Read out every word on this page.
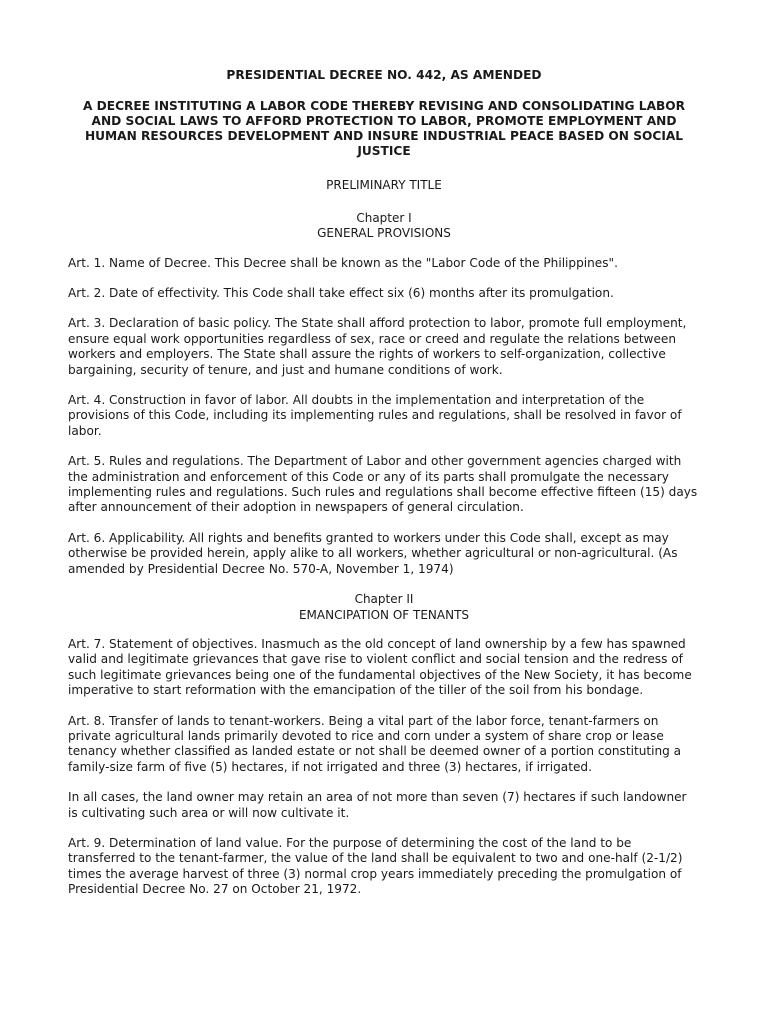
PRESIDENTIAL DECREE NO. 442, AS AMENDED
A DECREE INSTITUTING A LABOR CODE THEREBY REVISING AND CONSOLIDATING LABOR AND SOCIAL LAWS TO AFFORD PROTECTION TO LABOR, PROMOTE EMPLOYMENT AND HUMAN RESOURCES DEVELOPMENT AND INSURE INDUSTRIAL PEACE BASED ON SOCIAL JUSTICE
PRELIMINARY TITLE
Chapter I
GENERAL PROVISIONS

Art. 1. Name of Decree. This Decree shall be known as the "Labor Code of the Philippines".

Art. 2. Date of effectivity. This Code shall take effect six (6) months after its promulgation.

Art. 3. Declaration of basic policy. The State shall afford protection to labor, promote full employment, ensure equal work opportunities regardless of sex, race or creed and regulate the relations between workers and employers. The State shall assure the rights of workers to self-organization, collective bargaining, security of tenure, and just and humane conditions of work.

Art. 4. Construction in favor of labor. All doubts in the implementation and interpretation of the provisions of this Code, including its implementing rules and regulations, shall be resolved in favor of labor.

Art. 5. Rules and regulations. The Department of Labor and other government agencies charged with the administration and enforcement of this Code or any of its parts shall promulgate the necessary implementing rules and regulations. Such rules and regulations shall become effective fifteen (15) days after announcement of their adoption in newspapers of general circulation.

Art. 6. Applicability. All rights and benefits granted to workers under this Code shall, except as may otherwise be provided herein, apply alike to all workers, whether agricultural or non-agricultural. (As amended by Presidential Decree No. 570-A, November 1, 1974)

Chapter II
EMANCIPATION OF TENANTS

Art. 7. Statement of objectives. Inasmuch as the old concept of land ownership by a few has spawned valid and legitimate grievances that gave rise to violent conflict and social tension and the redress of such legitimate grievances being one of the fundamental objectives of the New Society, it has become imperative to start reformation with the emancipation of the tiller of the soil from his bondage.

Art. 8. Transfer of lands to tenant-workers. Being a vital part of the labor force, tenant-farmers on private agricultural lands primarily devoted to rice and corn under a system of share crop or lease tenancy whether classified as landed estate or not shall be deemed owner of a portion constituting a family-size farm of five (5) hectares, if not irrigated and three (3) hectares, if irrigated.

In all cases, the land owner may retain an area of not more than seven (7) hectares if such landowner is cultivating such area or will now cultivate it.

Art. 9. Determination of land value. For the purpose of determining the cost of the land to be transferred to the tenant-farmer, the value of the land shall be equivalent to two and one-half (2-1/2) times the average harvest of three (3) normal crop years immediately preceding the promulgation of Presidential Decree No. 27 on October 21, 1972.
